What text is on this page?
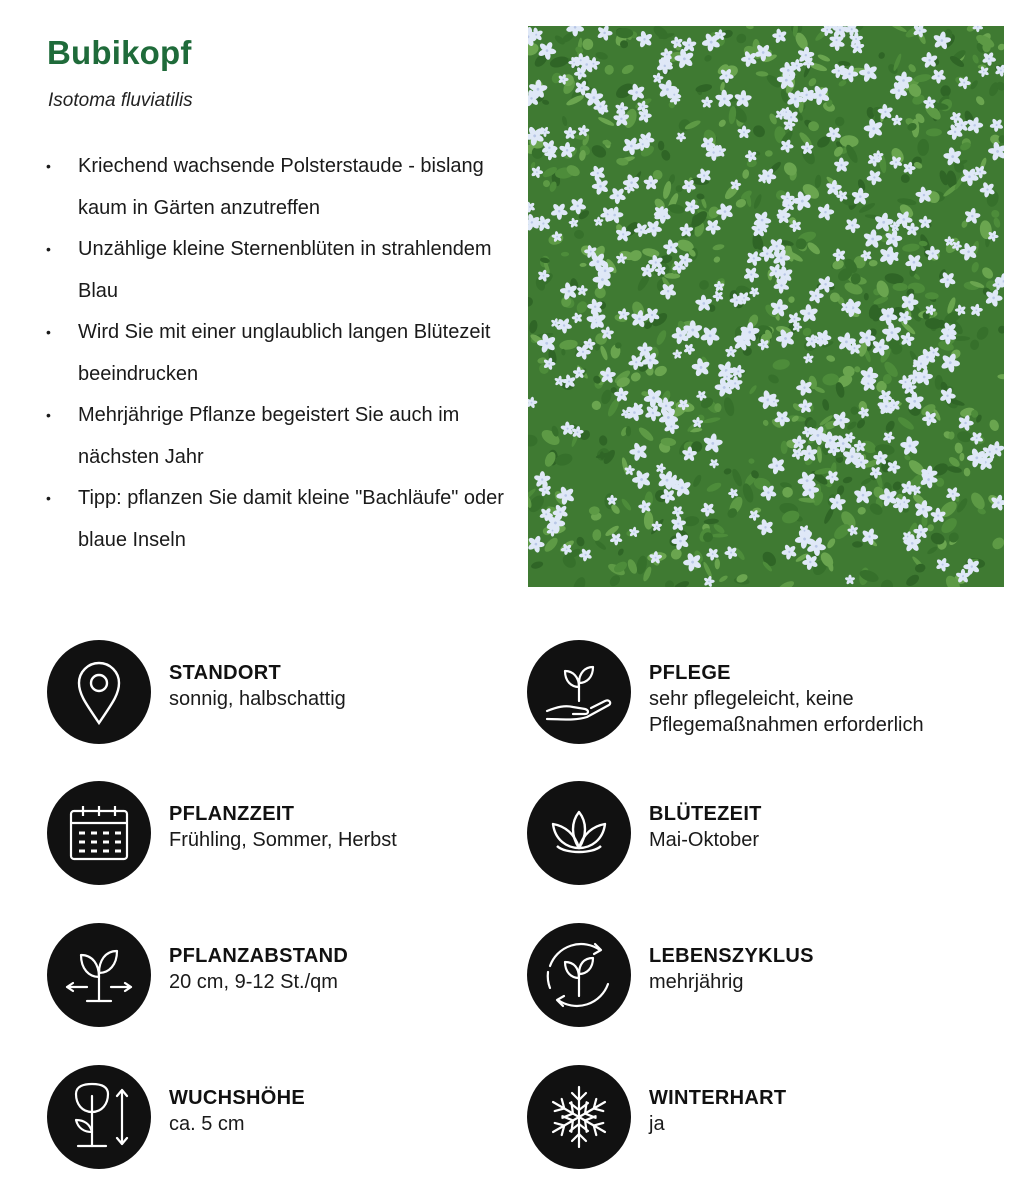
Bubikopf

Isotoma fluviatilis

• Kriechend wachsende Polsterstaude - bislang kaum in Gärten anzutreffen
• Unzählige kleine Sternenblüten in strahlendem Blau
• Wird Sie mit einer unglaublich langen Blütezeit beeindrucken
• Mehrjährige Pflanze begeistert Sie auch im nächsten Jahr
• Tipp: pflanzen Sie damit kleine "Bachläufe" oder blaue Inseln
STANDORT
sonnig, halbschattig
PFLEGE
sehr pflegeleicht, keine
Pflegemaßnahmen erforderlich
PFLANZZEIT
Frühling, Sommer, Herbst
BLÜTEZEIT
Mai-Oktober
PFLANZABSTAND
20 cm, 9-12 St./qm
LEBENSZYKLUS
mehrjährig
WUCHSHÖHE
ca. 5 cm
WINTERHART
ja
